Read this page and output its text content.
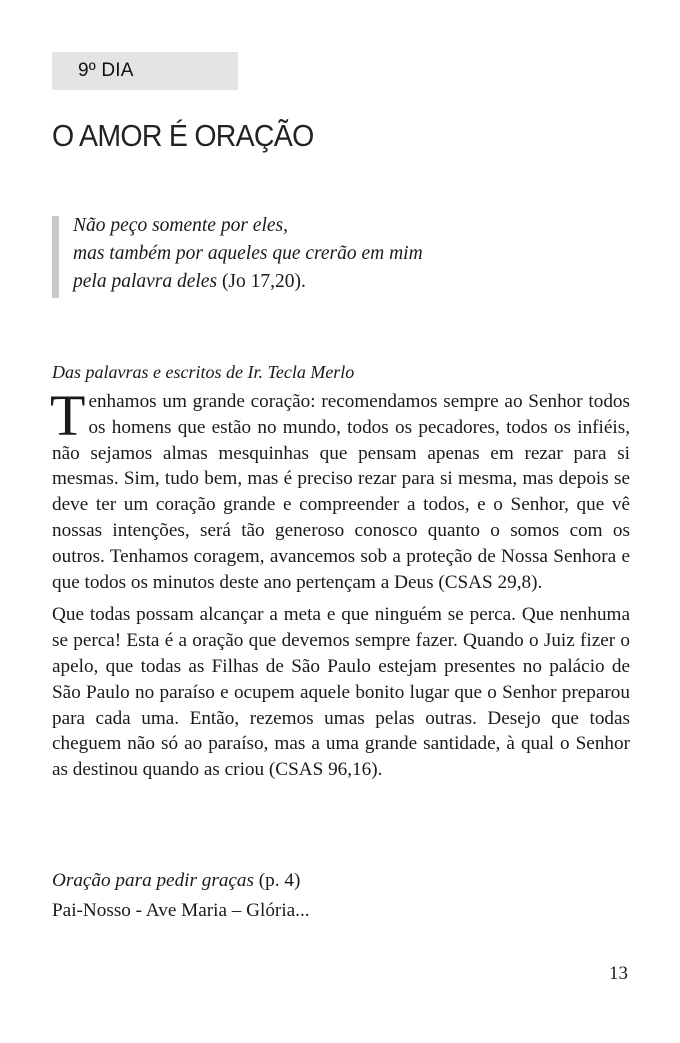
9º DIA
O AMOR É ORAÇÃO
Não peço somente por eles,
mas também por aqueles que crerão em mim
pela palavra deles (Jo 17,20).
Das palavras e escritos de Ir. Tecla Merlo

Tenhamos um grande coração: recomendamos sempre ao Senhor todos os homens que estão no mundo, todos os pecadores, todos os infiéis, não sejamos almas mesquinhas que pensam apenas em rezar para si mesmas. Sim, tudo bem, mas é preciso rezar para si mesma, mas depois se deve ter um coração grande e compreender a todos, e o Senhor, que vê nossas intenções, será tão generoso conosco quanto o somos com os outros. Tenhamos coragem, avancemos sob a proteção de Nossa Senhora e que todos os minutos deste ano pertençam a Deus (CSAS 29,8).

Que todas possam alcançar a meta e que ninguém se perca. Que nenhuma se perca! Esta é a oração que devemos sempre fazer. Quando o Juiz fizer o apelo, que todas as Filhas de São Paulo estejam presentes no palácio de São Paulo no paraíso e ocupem aquele bonito lugar que o Senhor preparou para cada uma. Então, rezemos umas pelas outras. Desejo que todas cheguem não só ao paraíso, mas a uma grande santidade, à qual o Senhor as destinou quando as criou (CSAS 96,16).

Oração para pedir graças (p. 4)
Pai-Nosso - Ave Maria – Glória...
13
